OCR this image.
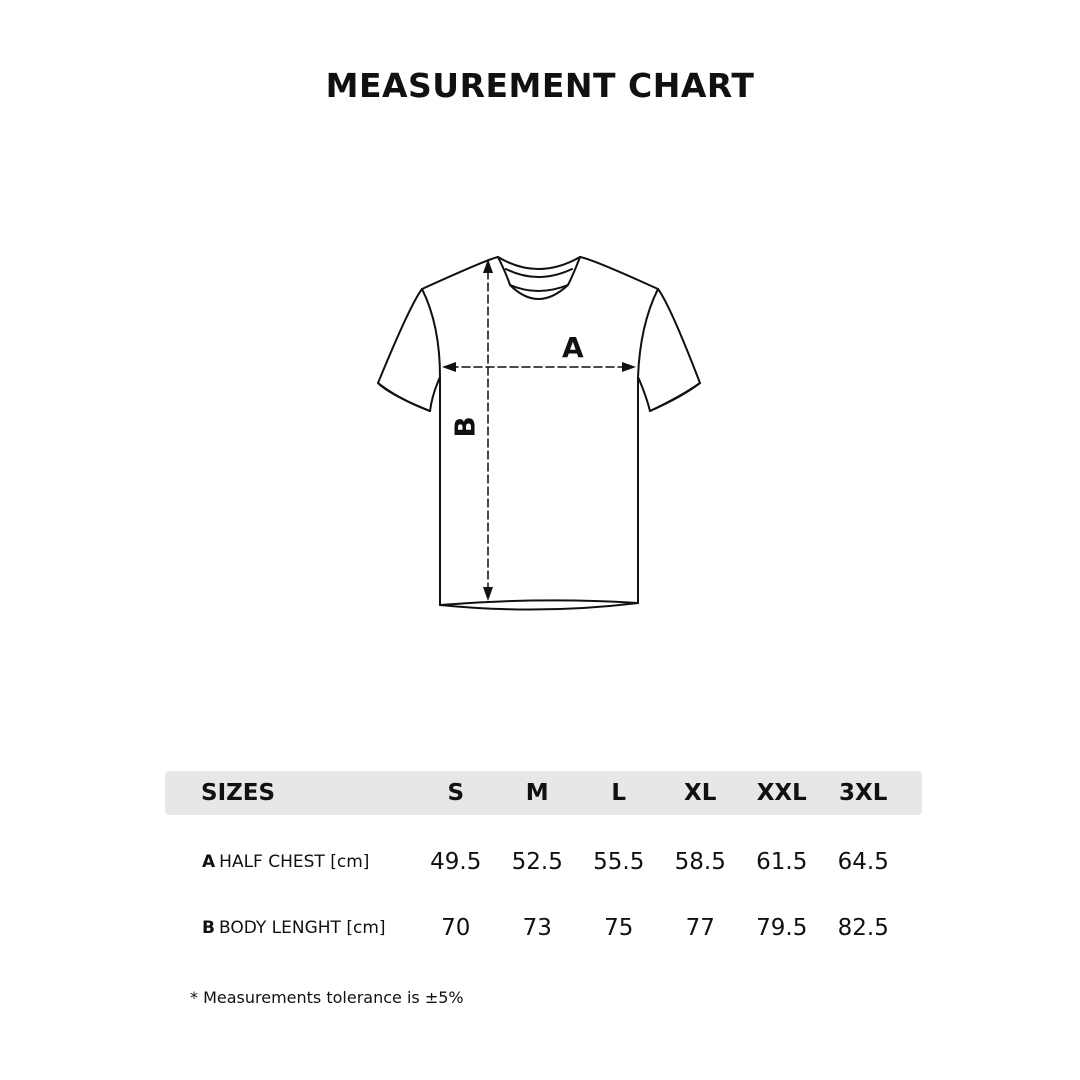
MEASUREMENT CHART
A
B
SIZES	S	M	L	XL	XXL	3XL
A HALF CHEST [cm]	49.5	52.5	55.5	58.5	61.5	64.5
B BODY LENGHT [cm]	70	73	75	77	79.5	82.5
* Measurements tolerance is ±5%
